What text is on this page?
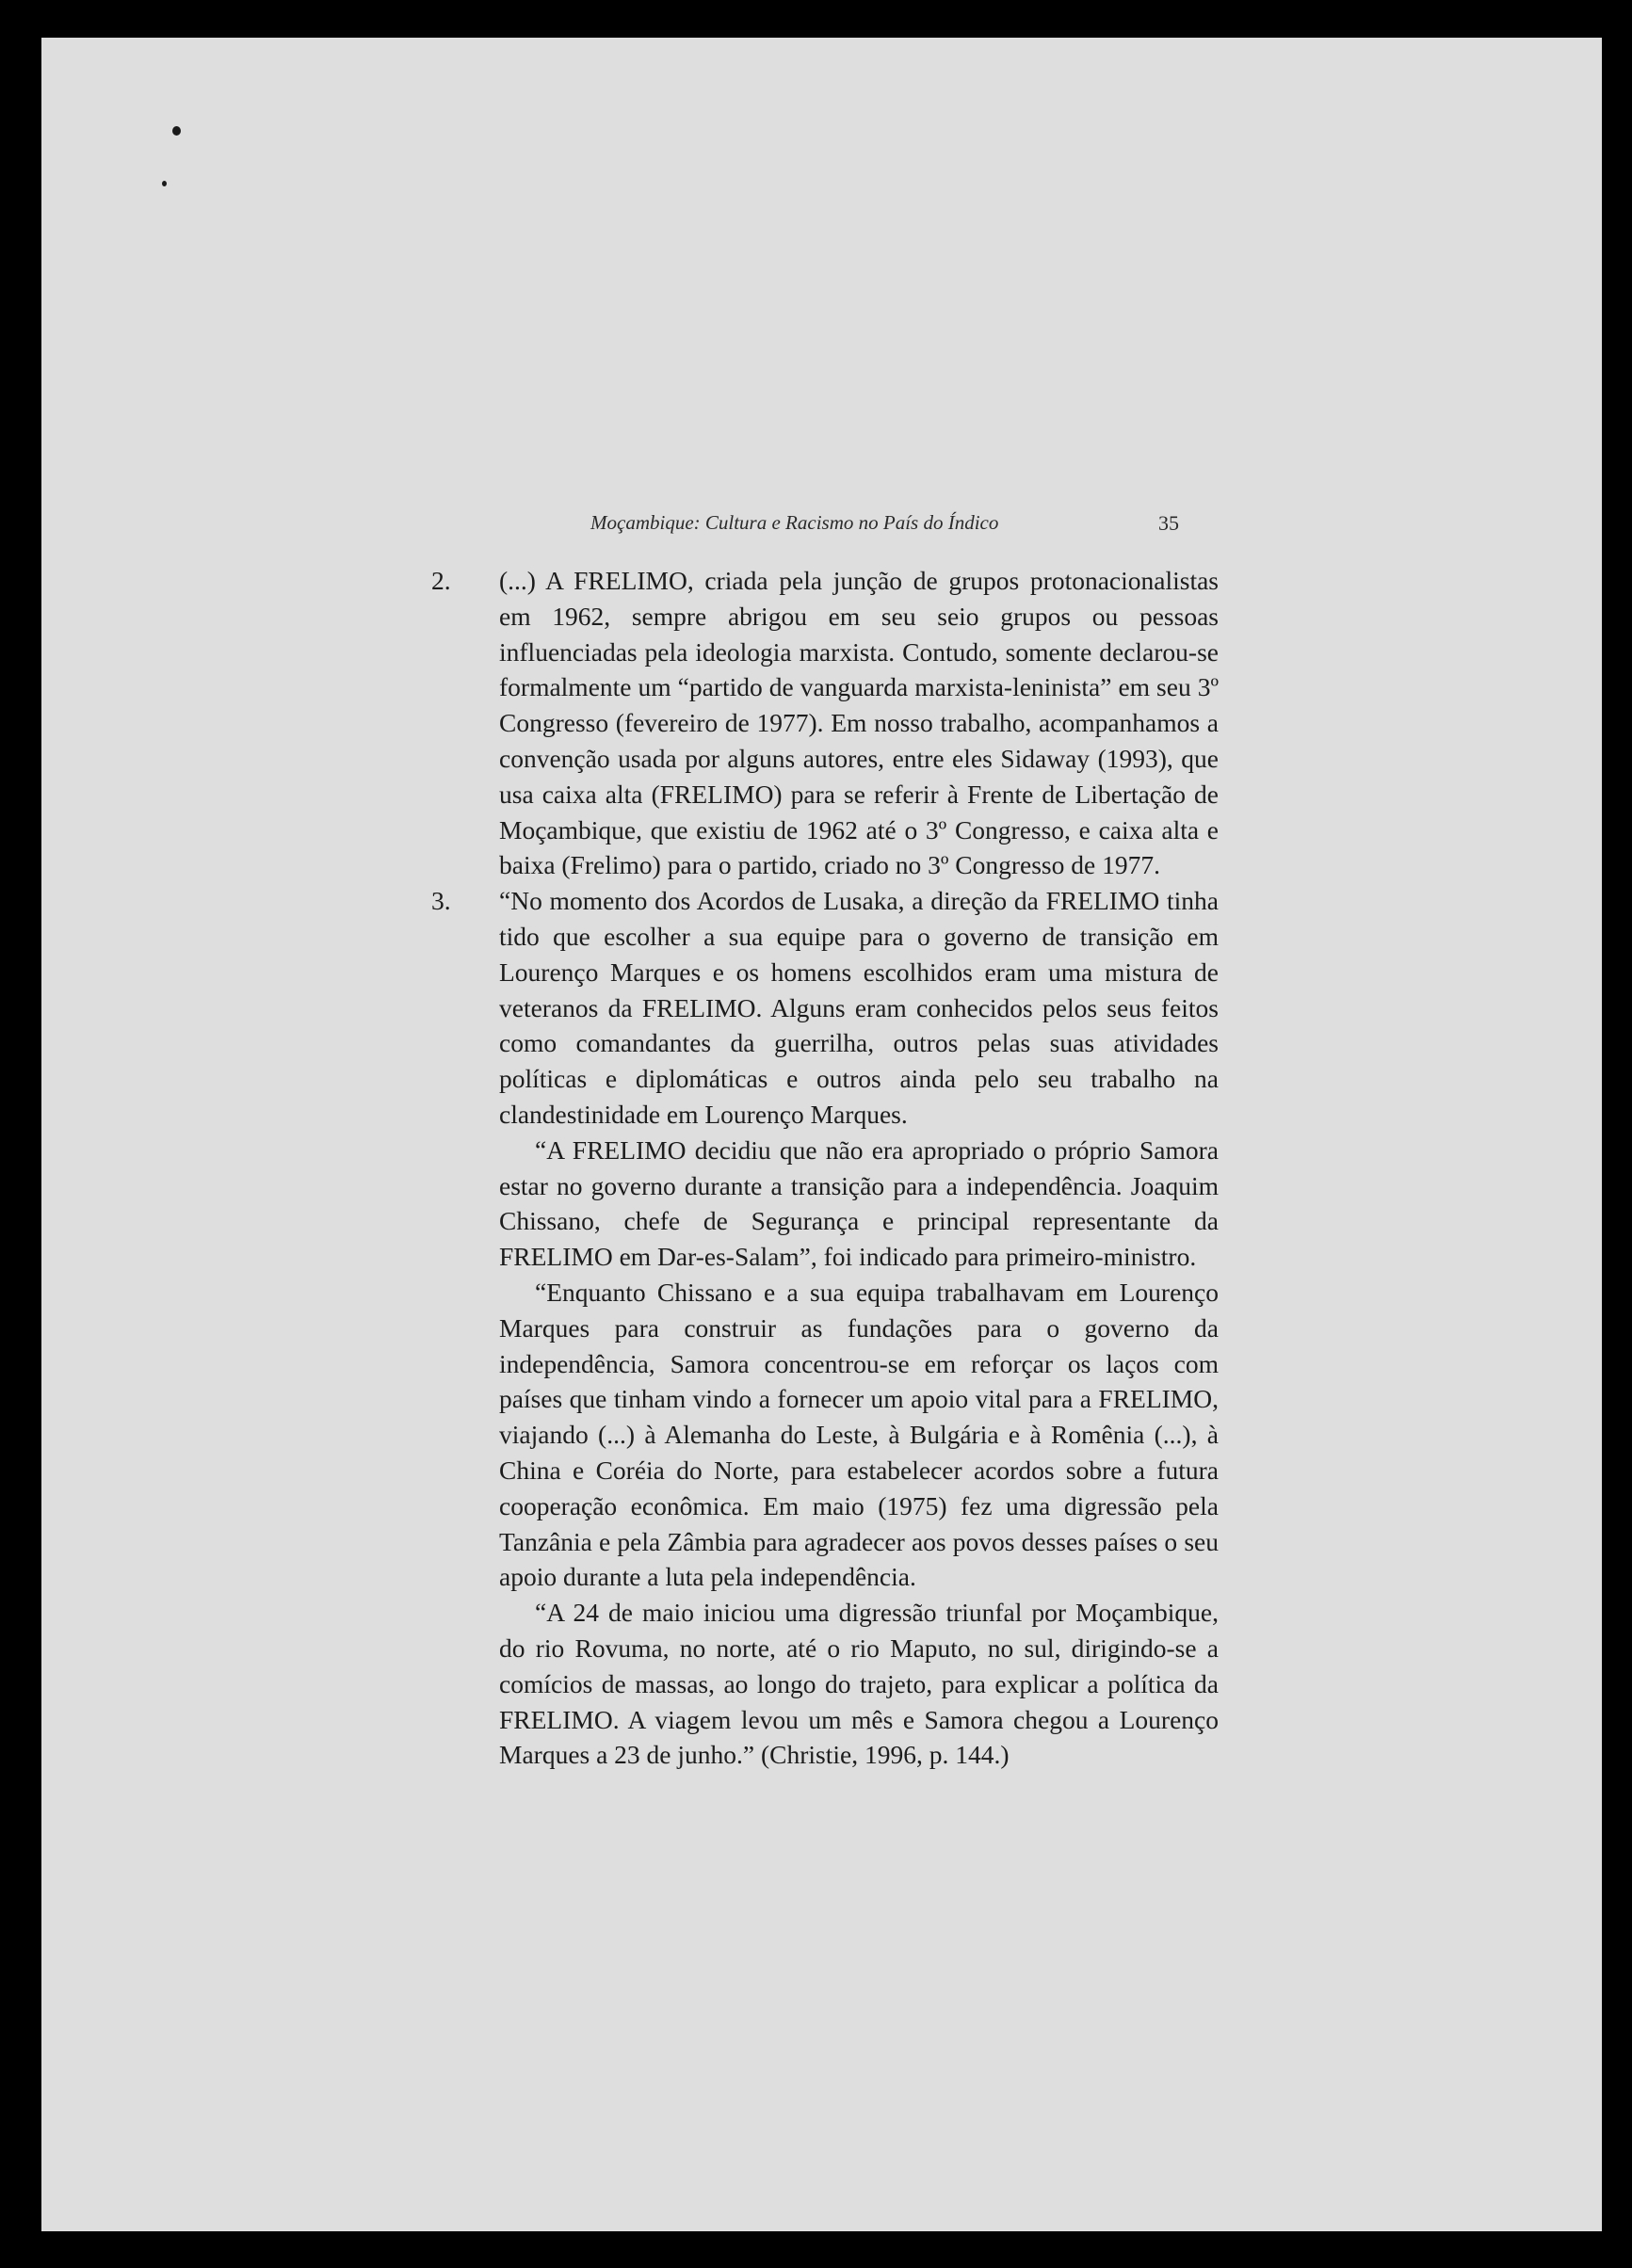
Moçambique: Cultura e Racismo no País do Índico	35
2. (...) A FRELIMO, criada pela junção de grupos protonacionalistas em 1962, sempre abrigou em seu seio grupos ou pessoas influenciadas pela ideologia marxista. Contudo, somente declarou-se formalmente um “partido de vanguarda marxista-leninista” em seu 3º Congresso (fevereiro de 1977). Em nosso trabalho, acompanhamos a convenção usada por alguns autores, entre eles Sidaway (1993), que usa caixa alta (FRELIMO) para se referir à Frente de Libertação de Moçambique, que existiu de 1962 até o 3º Congresso, e caixa alta e baixa (Frelimo) para o partido, criado no 3º Congresso de 1977.

3. “No momento dos Acordos de Lusaka, a direção da FRELIMO tinha tido que escolher a sua equipe para o governo de transição em Lourenço Marques e os homens escolhidos eram uma mistura de veteranos da FRELIMO. Alguns eram conhecidos pelos seus feitos como comandantes da guerrilha, outros pelas suas atividades políticas e diplomáticas e outros ainda pelo seu trabalho na clandestinidade em Lourenço Marques.

“A FRELIMO decidiu que não era apropriado o próprio Samora estar no governo durante a transição para a independência. Joaquim Chissano, chefe de Segurança e principal representante da FRELIMO em Dar-es-Salam”, foi indicado para primeiro-ministro.

“Enquanto Chissano e a sua equipa trabalhavam em Lourenço Marques para construir as fundações para o governo da independência, Samora concentrou-se em reforçar os laços com países que tinham vindo a fornecer um apoio vital para a FRELIMO, viajando (...) à Alemanha do Leste, à Bulgária e à Romênia (...), à China e Coréia do Norte, para estabelecer acordos sobre a futura cooperação econômica. Em maio (1975) fez uma digressão pela Tanzânia e pela Zâmbia para agradecer aos povos desses países o seu apoio durante a luta pela independência.

“A 24 de maio iniciou uma digressão triunfal por Moçambique, do rio Rovuma, no norte, até o rio Maputo, no sul, dirigindo-se a comícios de massas, ao longo do trajeto, para explicar a política da FRELIMO. A viagem levou um mês e Samora chegou a Lourenço Marques a 23 de junho.” (Christie, 1996, p. 144.)
